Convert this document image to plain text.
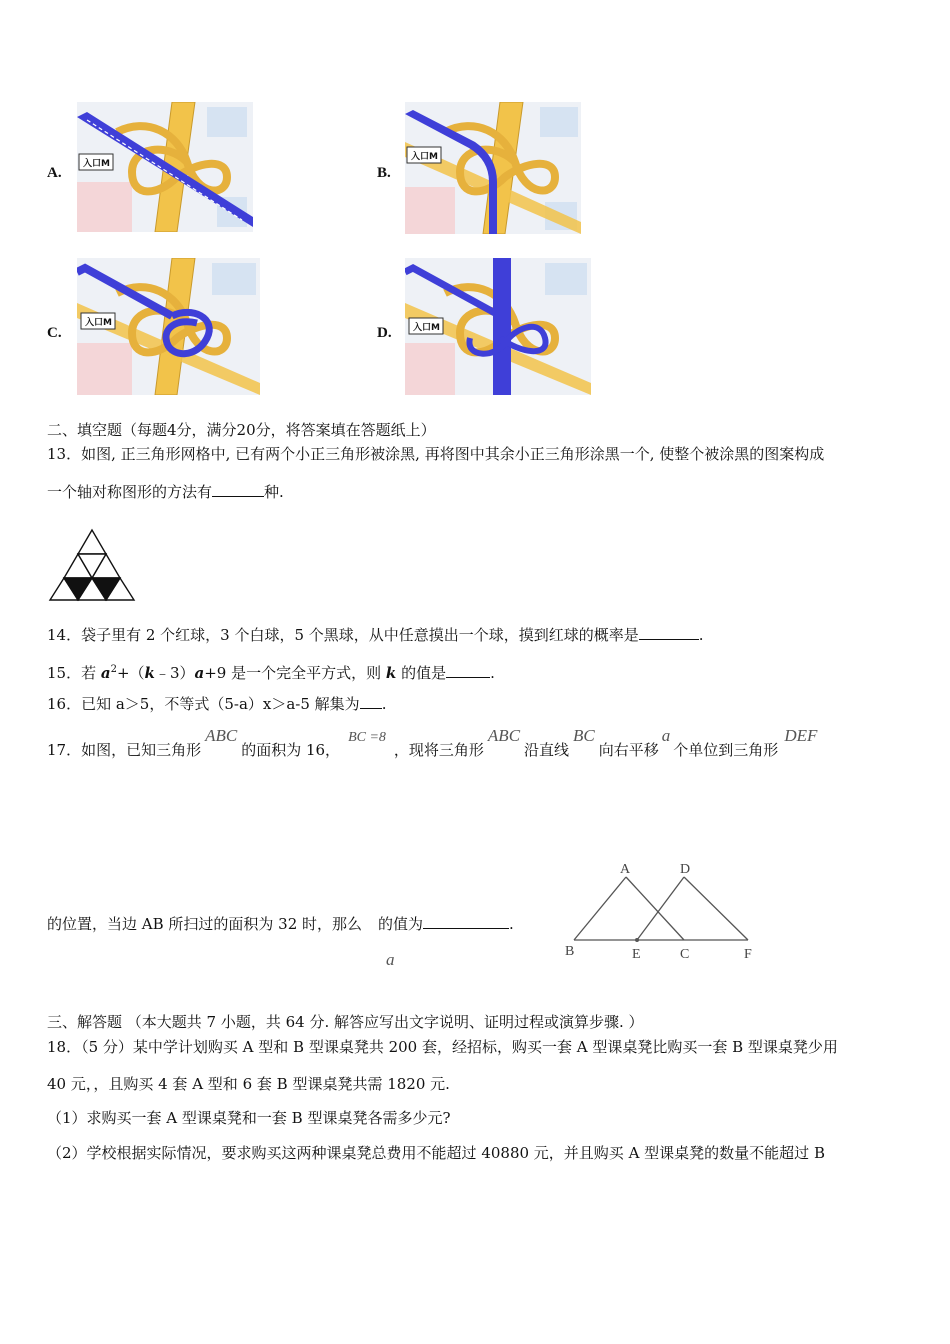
A.
入口M
B.
入口M
C.
入口M
D. 入口M
二、填空题（每题4分，满分20分，将答案填在答题纸上）
13．如图, 正三角形网格中, 已有两个小正三角形被涂黑, 再将图中其余小正三角形涂黑一个, 使整个被涂黑的图案构成
一个轴对称图形的方法有	种.
14．袋子里有 2 个红球，3 个白球，5 个黑球，从中任意摸出一个球，摸到红球的概率是	.
15．若 $a^2+(k﹣3)a+9$ 是一个完全平方式，则 k 的值是	.
16．已知 a＞5，不等式（5-a）x＞a-5 解集为 .
17．如图，已知三角形ABC的面积为 16，BC =8，现将三角形ABC沿直线BC向右平移a个单位到三角形DEF
的位置，当边 AB 所扫过的面积为 32 时，那么 的值为	.
a
A	D
B	E	C	F
三、解答题 （本大题共 7 小题，共 64 分. 解答应写出文字说明、证明过程或演算步骤. ）
18．（5 分）某中学计划购买 A 型和 B 型课桌凳共 200 套，经招标，购买一套 A 型课桌凳比购买一套 B 型课桌凳少用
40 元，，且购买 4 套 A 型和 6 套 B 型课桌凳共需 1820 元.
（1）求购买一套 A 型课桌凳和一套 B 型课桌凳各需多少元?
（2）学校根据实际情况，要求购买这两种课桌凳总费用不能超过 40880 元，并且购买 A 型课桌凳的数量不能超过 B
